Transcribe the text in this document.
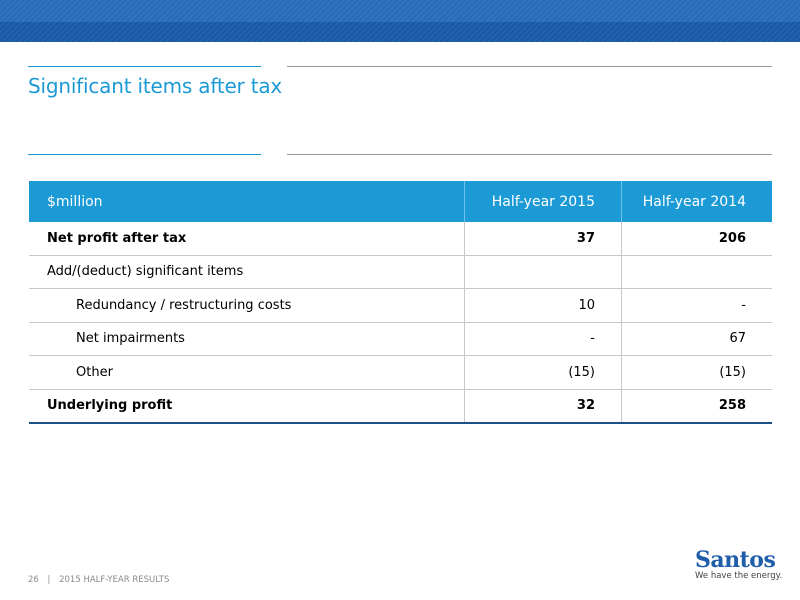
Significant items after tax
$million	Half-year 2015	Half-year 2014
Net profit after tax	37	206
Add/(deduct) significant items		
Redundancy / restructuring costs	10	-
Net impairments	-	67
Other	(15)	(15)
Underlying profit	32	258
26 | 2015 HALF-YEAR RESULTS
Santos
We have the energy.
